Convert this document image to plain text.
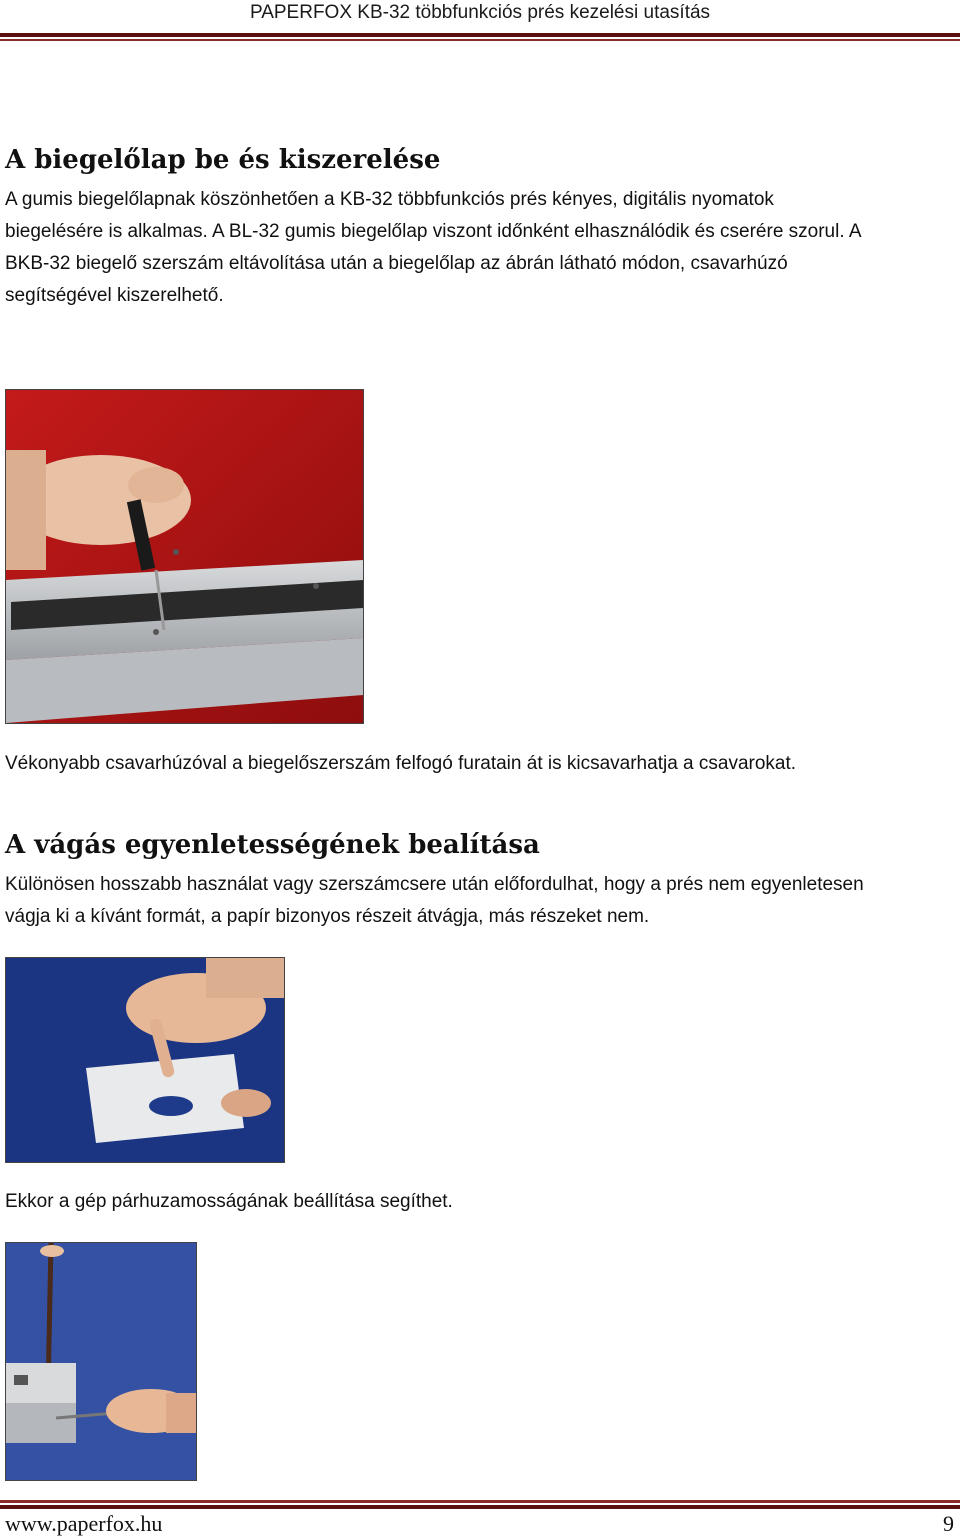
PAPERFOX KB-32 többfunkciós prés kezelési utasítás
A biegelőlap be és kiszerelése
A gumis biegelőlapnak köszönhetően a KB-32 többfunkciós prés kényes, digitális nyomatok
biegelésére is alkalmas. A BL-32 gumis biegelőlap viszont időnként elhasználódik és cserére szorul. A
BKB-32 biegelő szerszám eltávolítása után a biegelőlap az ábrán látható módon, csavarhúzó
segítségével kiszerelhető.
Vékonyabb csavarhúzóval a biegelőszerszám felfogó furatain át is kicsavarhatja a csavarokat.
A vágás egyenletességének bealítása
Különösen hosszabb használat vagy szerszámcsere után előfordulhat, hogy a prés nem egyenletesen
vágja ki a kívánt formát, a papír bizonyos részeit átvágja, más részeket nem.
Ekkor a gép párhuzamosságának beállítása segíthet.
www.paperfox.hu	9
